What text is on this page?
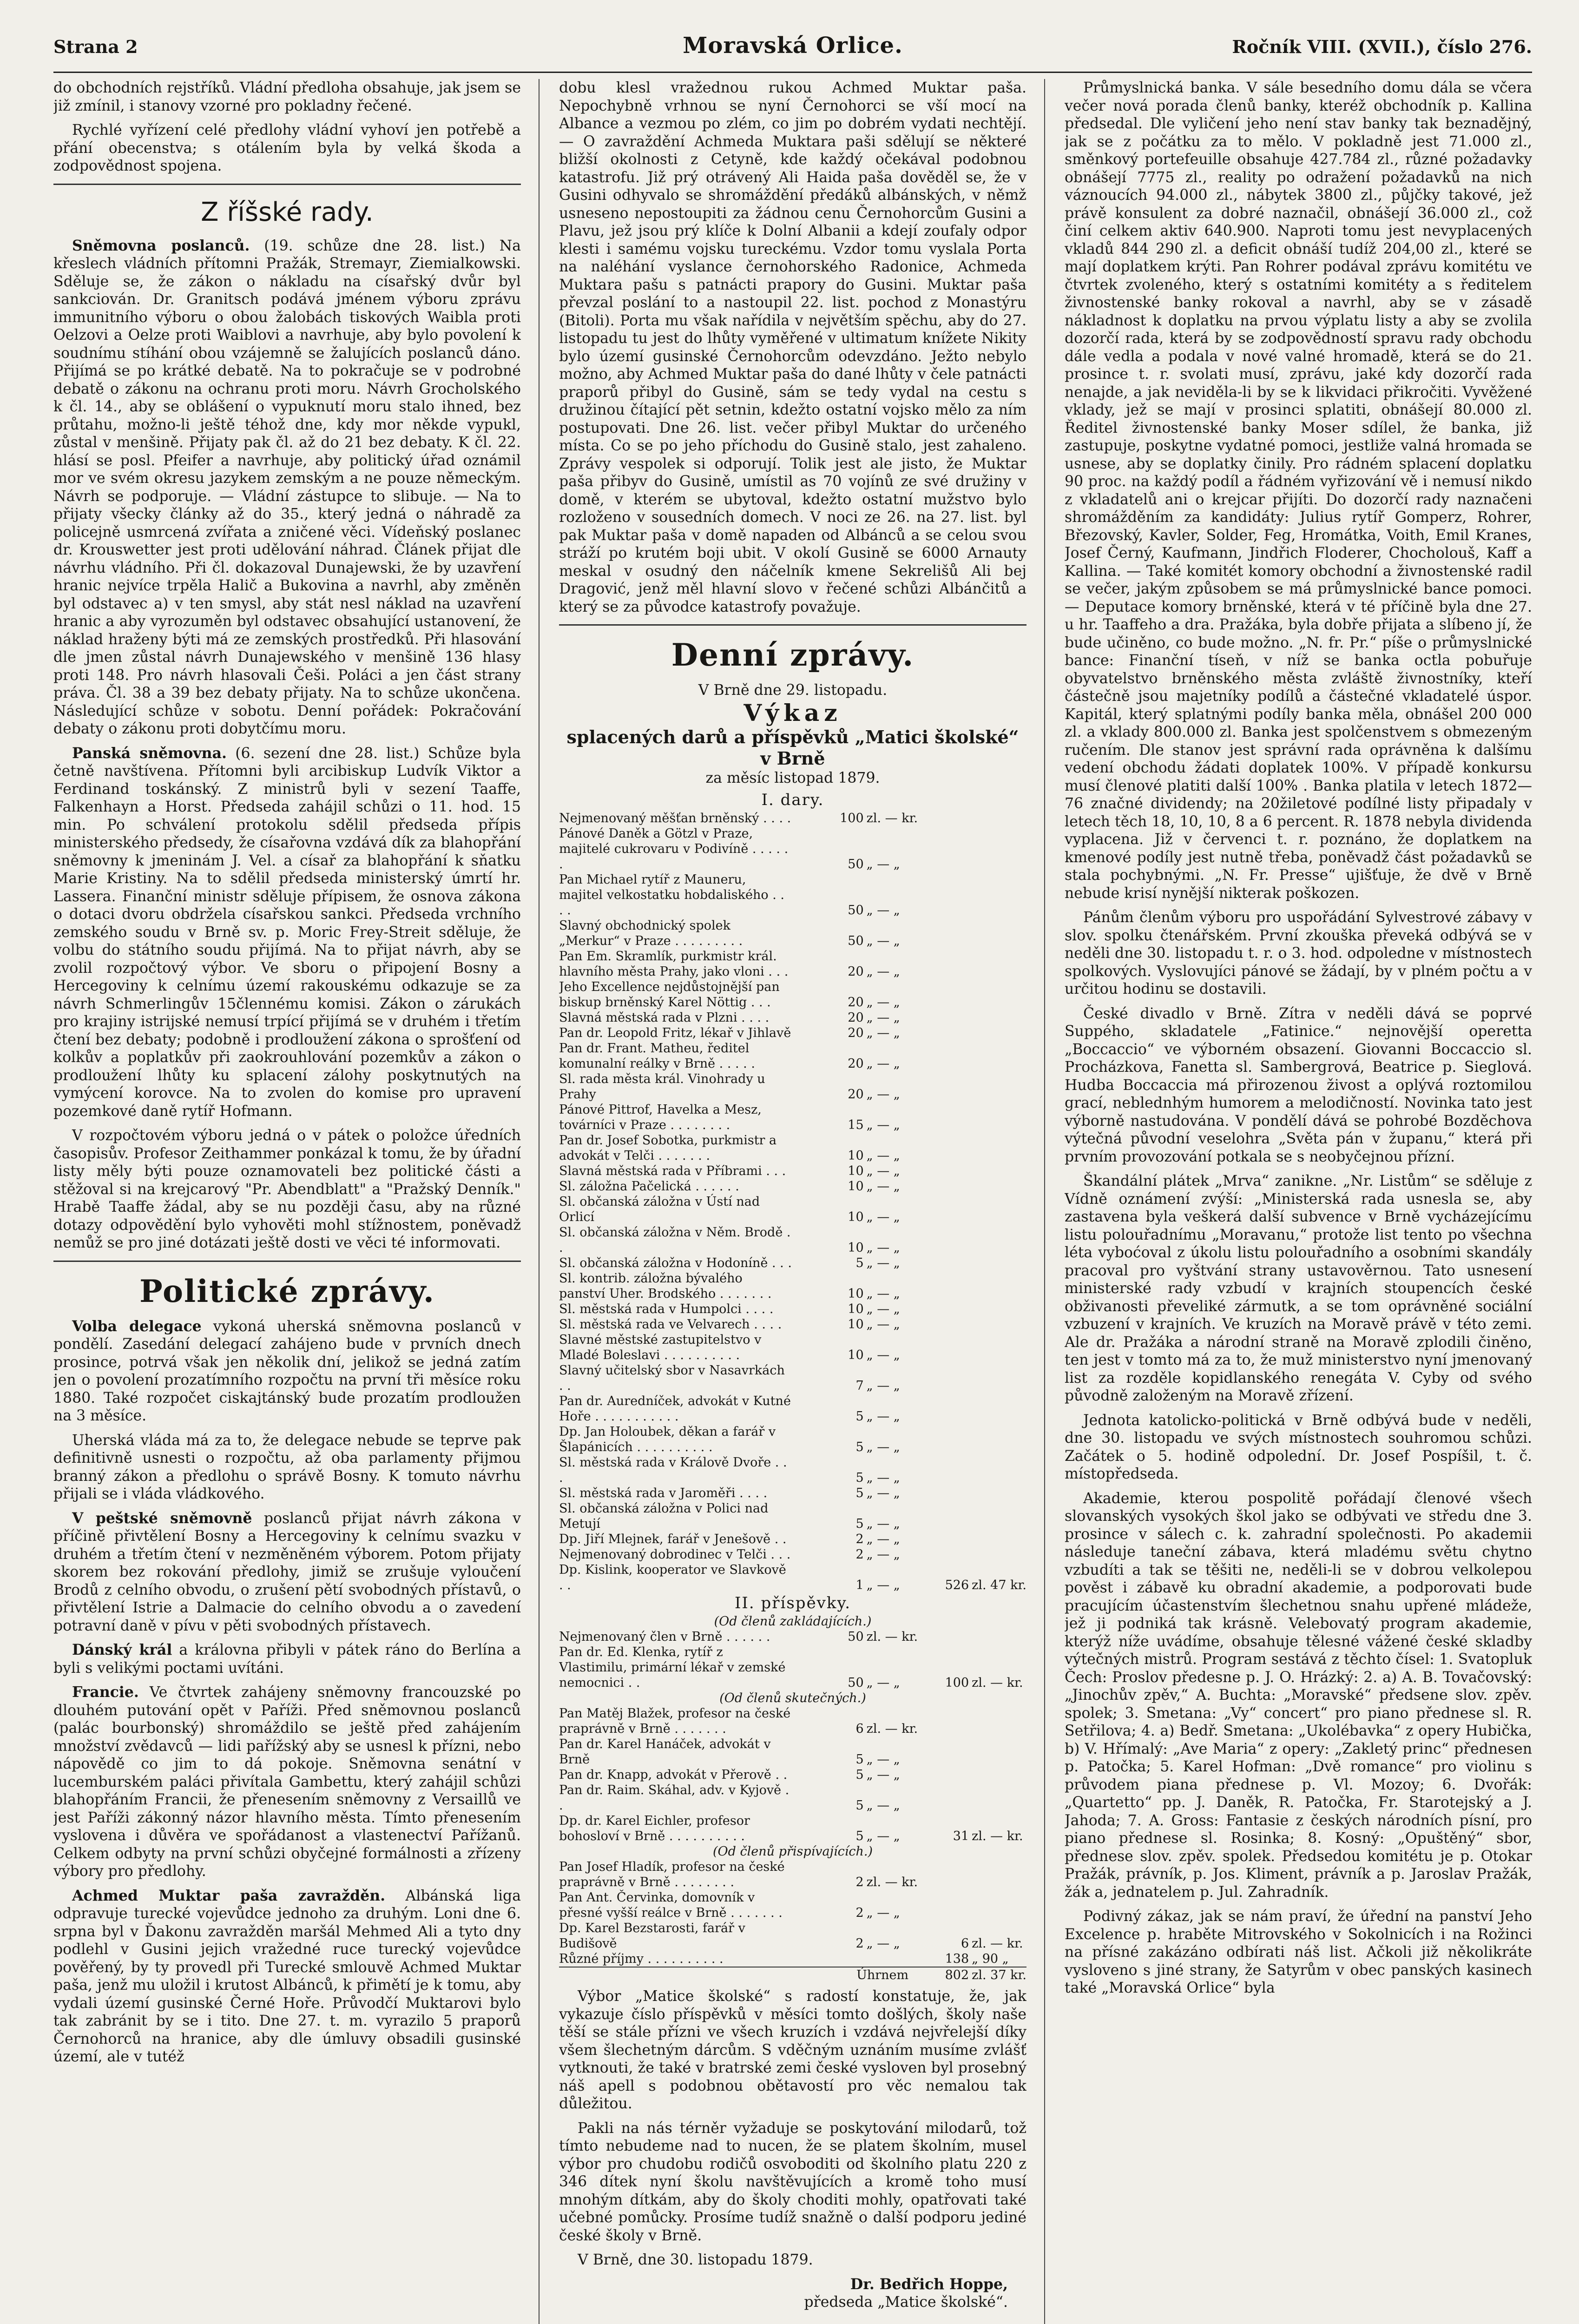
Strana 2	Moravská Orlice.	Ročník VIII. (XVII.), číslo 276.

do obchodních rejstříků. Vládní předloha obsahuje, jak jsem se již zmínil, i stanovy vzorné pro pokladny řečené.

Rychlé vyřízení celé předlohy vládní vyhoví jen potřebě a přání obecenstva; s otálením byla by velká škoda a zodpovědnost spojena.

Z říšské rady.

Sněmovna poslanců. (19. schůze dne 28. list.) Na křeslech vládních přítomni Pražák, Stremayr, Ziemialkowski. Sděluje se, že zákon o nákladu na císařský dvůr byl sankciován. Dr. Granitsch podává jménem výboru zprávu immunitního výboru o obou žalobách tiskových Waibla proti Oelzovi a Oelze proti Waiblovi a navrhuje, aby bylo povolení k soudnímu stíhání obou vzájemně se žalujících poslanců dáno. Přijímá se po krátké debatě. Na to pokračuje se v podrobné debatě o zákonu na ochranu proti moru. Návrh Grocholského k čl. 14., aby se oblášení o vypuknutí moru stalo ihned, bez průtahu, možno-li ještě téhož dne, kdy mor někde vypukl, zůstal v menšině. Přijaty pak čl. až do 21 bez debaty. K čl. 22. hlásí se posl. Pfeifer a navrhuje, aby politický úřad oznámil mor ve svém okresu jazykem zemským a ne pouze německým. Návrh se podporuje. — Vládní zástupce to slibuje. — Na to přijaty všecky články až do 35., který jedná o náhradě za policejně usmrcená zvířata a zničené věci. Vídeňský poslanec dr. Krouswetter jest proti udělování náhrad. Článek přijat dle návrhu vládního. Při čl. dokazoval Dunajewski, že by uzavření hranic nejvíce trpěla Halič a Bukovina a navrhl, aby změněn byl odstavec a) v ten smysl, aby stát nesl náklad na uzavření hranic a aby vyrozuměn byl odstavec obsahující ustanovení, že náklad hraženy býti má ze zemských prostředků. Při hlasování dle jmen zůstal návrh Dunajewského v menšině 136 hlasy proti 148. Pro návrh hlasovali Češi. Poláci a jen část strany práva. Čl. 38 a 39 bez debaty přijaty. Na to schůze ukončena. Následující schůze v sobotu. Denní pořádek: Pokračování debaty o zákonu proti dobytčímu moru.

Panská sněmovna. (6. sezení dne 28. list.) Schůze byla četně navštívena. Přítomni byli arcibiskup Ludvík Viktor a Ferdinand toskánský. Z ministrů byli v sezení Taaffe, Falkenhayn a Horst. Předseda zahájil schůzi o 11. hod. 15 min. Po schválení protokolu sdělil předseda přípis ministerského předsedy, že císařovna vzdává dík za blahopřání sněmovny k jmeninám J. Vel. a císař za blahopřání k sňatku Marie Kristiny. Na to sdělil předseda ministerský úmrtí hr. Lassera. Finanční ministr sděluje přípisem, že osnova zákona o dotaci dvoru obdržela císařskou sankci. Předseda vrchního zemského soudu v Brně sv. p. Moric Frey-Streit sděluje, že volbu do státního soudu přijímá. Na to přijat návrh, aby se zvolil rozpočtový výbor. Ve sboru o připojení Bosny a Hercegoviny k celnímu území rakouskému odkazuje se za návrh Schmerlingův 15člennému komisi. Zákon o zárukách pro krajiny istrijské nemusí trpící přijímá se v druhém i třetím čtení bez debaty; podobně i prodloužení zákona o sprošťení od kolkův a poplatkův při zaokrouhlování pozemkův a zákon o prodloužení lhůty ku splacení zálohy poskytnutých na vymýcení korovce. Na to zvolen do komise pro upravení pozemkové daně rytíř Hofmann.

V rozpočtovém výboru jedná o v pátek o položce úředních časopisův. Profesor Zeithammer ponkázal k tomu, že by úřadní listy měly býti pouze oznamovateli bez politické části a stěžoval si na krejcarový "Pr. Abendblatt" a "Pražský Denník." Hrabě Taaffe žádal, aby se nu později času, aby na různé dotazy odpovědění bylo vyhověti mohl stížnostem, poněvadž nemůž se pro jiné dotázati ještě dosti ve věci té informovati.

Politické zprávy.

Volba delegace vykoná uherská sněmovna poslanců v pondělí. Zasedání delegací zahájeno bude v prvních dnech prosince, potrvá však jen několik dní, jelikož se jedná zatím jen o povolení prozatímního rozpočtu na první tři měsíce roku 1880. Také rozpočet ciskajtánský bude prozatím prodloužen na 3 měsíce.

Uherská vláda má za to, že delegace nebude se teprve pak definitivně usnesti o rozpočtu, až oba parlamenty přijmou branný zákon a předlohu o správě Bosny. K tomuto návrhu přijali se i vláda vládkového.

V peštské sněmovně poslanců přijat návrh zákona v příčině přivtělení Bosny a Hercegoviny k celnímu svazku v druhém a třetím čtení v nezměněném výborem. Potom přijaty skorem bez rokování předlohy, jimiž se zrušuje vyloučení Brodů z celního obvodu, o zrušení pětí svobodných přístavů, o přivtělení Istrie a Dalmacie do celního obvodu a o zavedení potravní daně v pívu v pěti svobodných přístavech.

Dánský král a královna přibyli v pátek ráno do Berlína a byli s velikými poctami uvítáni.

Francie. Ve čtvrtek zahájeny sněmovny francouzské po dlouhém putování opět v Paříži. Před sněmovnou poslanců (palác bourbonský) shromáždilo se ještě před zahájením množství zvědavců — lidi pařížský aby se usnesl k přízni, nebo nápovědě co jim to dá pokoje. Sněmovna senátní v lucemburském paláci přivítala Gambettu, který zahájil schůzi blahopřáním Francii, že přenesením sněmovny z Versaillů ve jest Paříži zákonný názor hlavního města. Tímto přenesením vyslovena i důvěra ve spořádanost a vlastenectví Pařížanů. Celkem odbyty na první schůzi obyčejné formálnosti a zřízeny výbory pro předlohy.

Achmed Muktar paša zavražděn. Albánská liga odpravuje turecké vojevůdce jednoho za druhým. Loni dne 6. srpna byl v Ďakonu zavražděn maršál Mehmed Ali a tyto dny podlehl v Gusini jejich vražedné ruce turecký vojevůdce pověřený, by ty provedl při Turecké smlouvě Achmed Muktar paša, jenž mu uložil i krutost Albánců, k přimětí je k tomu, aby vydali území gusinské Černé Hoře. Průvodčí Muktarovi bylo tak zabránit by se i tito. Dne 27. t. m. vyrazilo 5 praporů Černohorců na hranice, aby dle úmluvy obsadili gusinské území, ale v tutéž

dobu klesl vražednou rukou Achmed Muktar paša. Nepochybně vrhnou se nyní Černohorci se vší mocí na Albance a vezmou po zlém, co jim po dobrém vydati nechtějí. — O zavraždění Achmeda Muktara paši sdělují se některé bližší okolnosti z Cetyně, kde každý očekával podobnou katastrofu. Již prý otrávený Ali Haida paša dověděl se, že v Gusini odhyvalo se shromáždění předáků albánských, v němž usneseno nepostoupiti za žádnou cenu Černohorcům Gusini a Plavu, jež jsou prý klíče k Dolní Albanii a kdejí zoufaly odpor klesti i samému vojsku tureckému. Vzdor tomu vyslala Porta na naléhání vyslance černohorského Radonice, Achmeda Muktara pašu s patnácti prapory do Gusini. Muktar paša převzal poslání to a nastoupil 22. list. pochod z Monastýru (Bitoli). Porta mu však nařídila v největším spěchu, aby do 27. listopadu tu jest do lhůty vyměřené v ultimatum knížete Nikity bylo území gusinské Černohorcům odevzdáno. Ježto nebylo možno, aby Achmed Muktar paša do dané lhůty v čele patnácti praporů přibyl do Gusině, sám se tedy vydal na cestu s družinou čítající pět setnin, kdežto ostatní vojsko mělo za ním postupovati. Dne 26. list. večer přibyl Muktar do určeného místa. Co se po jeho příchodu do Gusině stalo, jest zahaleno. Zprávy vespolek si odporují. Tolik jest ale jisto, že Muktar paša přibyv do Gusině, umístil as 70 vojínů ze své družiny v domě, v kterém se ubytoval, kdežto ostatní mužstvo bylo rozloženo v sousedních domech. V noci ze 26. na 27. list. byl pak Muktar paša v domě napaden od Albánců a se celou svou stráží po krutém boji ubit. V okolí Gusině se 6000 Arnauty meskal v osudný den náčelník kmene Sekrelišů Ali bej Dragović, jenž měl hlavní slovo v řečené schůzi Albánčitů a který se za původce katastrofy považuje.

Denní zprávy.

V Brně dne 29. listopadu.

Výkaz

splacených darů a příspěvků „Matici školské“ v Brně

za měsíc listopad 1879.

I. dary.				
Nejmenovaný měšťan brněnský . . . .	100	zl. — kr.		
Pánové Daněk a Götzl v Praze, majitelé cukrovaru v Podivíně . . . . . .	50	„ — „		
Pan Michael rytíř z Mauneru, majitel velkostatku hobdaliského . . . .	50	„ — „		
Slavný obchodnický spolek „Merkur“ v Praze . . . . . . . . .	50	„ — „		
Pan Em. Skramlík, purkmistr král. hlavního města Prahy, jako vloni . . .	20	„ — „		
Jeho Excellence nejdůstojnější pan biskup brněnský Karel Nöttig . . .	20	„ — „		
Slavná městská rada v Plzni . . . .	20	„ — „		
Pan dr. Leopold Fritz, lékař v Jihlavě	20	„ — „		
Pan dr. Frant. Matheu, ředitel komunalní reálky v Brně . . . . .	20	„ — „		
Sl. rada města král. Vinohrady u Prahy	20	„ — „		
Pánové Pittrof, Havelka a Mesz, továrníci v Praze . . . . . . . .	15	„ — „		
Pan dr. Josef Sobotka, purkmistr a advokát v Telči . . . . . . .	10	„ — „		
Slavná městská rada v Příbrami . . .	10	„ — „		
Sl. záložna Pačelická . . . . . .	10	„ — „		
Sl. občanská záložna v Ústí nad Orlicí	10	„ — „		
Sl. občanská záložna v Něm. Brodě . .	10	„ — „		
Sl. občanská záložna v Hodoníně . . .	5	„ — „		
Sl. kontrib. záložna bývalého panství Uher. Brodského . . . . . . .	10	„ — „		
Sl. městská rada v Humpolci . . . .	10	„ — „		
Sl. městská rada ve Velvarech . . . .	10	„ — „		
Slavné městské zastupitelstvo v Mladé Boleslavi . . . . . . . . . .	10	„ — „		
Slavný učitelský sbor v Nasavrkách . .	7	„ — „		
Pan dr. Auredníček, advokát v Kutné Hoře . . . . . . . . . . .	5	„ — „		
Dp. Jan Holoubek, děkan a farář v Šlapánicích . . . . . . . . . .	5	„ — „		
Sl. městská rada v Králově Dvoře . . .	5	„ — „		
Sl. městská rada v Jaroměři . . . .	5	„ — „		
Sl. občanská záložna v Polici nad Metují	5	„ — „		
Dp. Jiří Mlejnek, farář v Jenešově . .	2	„ — „		
Nejmenovaný dobrodinec v Telči . . .	2	„ — „		
Dp. Kislink, kooperator ve Slavkově . .	1	„ — „	526	zl. 47 kr.
II. příspěvky.				
(Od členů zakládajících.)				
Nejmenovaný člen v Brně . . . . . .	50	zl. — kr.		
Pan dr. Ed. Klenka, rytíř z Vlastimilu, primární lékař v zemské nemocnici . .	50	„ — „	100	zl. — kr.
(Od členů skutečných.)				
Pan Matěj Blažek, profesor na české praprávně v Brně . . . . . . .	6	zl. — kr.		
Pan dr. Karel Hanáček, advokát v Brně	5	„ — „		
Pan dr. Knapp, advokát v Přerově . .	5	„ — „		
Pan dr. Raim. Skáhal, adv. v Kyjově . .	5	„ — „		
Dp. dr. Karel Eichler, profesor bohosloví v Brně . . . . . . . . . .	5	„ — „	31	zl. — kr.
(Od členů přispívajících.)				
Pan Josef Hladík, profesor na české praprávně v Brně . . . . . . . .	2	zl. — kr.		
Pan Ant. Červinka, domovník v přesné vyšší reálce v Brně . . . . . . .	2	„ — „		
Dp. Karel Bezstarosti, farář v Budišově	2	„ — „	6	zl. — kr.
Různé příjmy . . . . . . . . . .			138	„ 90 „
Úhrnem			802	zl. 37 kr.

Výbor „Matice školské“ s radostí konstatuje, že, jak vykazuje číslo příspěvků v měsíci tomto došlých, školy naše těší se stále přízni ve všech kruzích i vzdává nejvřelejší díky všem šlechetným dárcům. S vděčným uznáním musíme zvlášť vytknouti, že také v bratrské zemi české vysloven byl prosebný náš apell s podobnou obětavostí pro věc nemalou tak důležitou.

Pakli na nás térněr vyžaduje se poskytování milodarů, tož tímto nebudeme nad to nucen, že se platem školním, musel výbor pro chudobu rodičů osvoboditi od školního platu 220 z 346 dítek nyní školu navštěvujících a kromě toho musí mnohým dítkám, aby do školy choditi mohly, opatřovati také učebné pomůcky. Prosíme tudíž snažně o další podporu jediné české školy v Brně.

V Brně, dne 30. listopadu 1879.

Dr. Bedřich Hoppe,

předseda „Matice školské“.

Průmyslnická banka. V sále besedního domu dála se včera večer nová porada členů banky, kteréž obchodník p. Kallina předsedal. Dle vyličení jeho není stav banky tak beznadějný, jak se z počátku za to mělo. V pokladně jest 71.000 zl., směnkový portefeuille obsahuje 427.784 zl., různé požadavky obnášejí 7775 zl., reality po odražení požadavků na nich váznoucích 94.000 zl., nábytek 3800 zl., půjčky takové, jež právě konsulent za dobré naznačil, obnášejí 36.000 zl., což činí celkem aktiv 640.900. Naproti tomu jest nevyplacených vkladů 844 290 zl. a deficit obnáší tudíž 204,00 zl., které se mají doplatkem krýti. Pan Rohrer podával zprávu komitétu ve čtvrtek zvoleného, který s ostatními komitéty a s ředitelem živnostenské banky rokoval a navrhl, aby se v zásadě nákladnost k doplatku na prvou výplatu listy a aby se zvolila dozorčí rada, která by se zodpovědností spravu rady obchodu dále vedla a podala v nové valné hromadě, která se do 21. prosince t. r. svolati musí, zprávu, jaké kdy dozorčí rada nenajde, a jak neviděla-li by se k likvidaci přikročiti. Vyvěžené vklady, jež se mají v prosinci splatiti, obnášejí 80.000 zl. Ředitel živnostenské banky Moser sdílel, že banka, již zastupuje, poskytne vydatné pomoci, jestliže valná hromada se usnese, aby se doplatky činily. Pro rádném splacení doplatku 90 proc. na každý podíl a řádném vyřizování vě i nemusí nikdo z vkladatelů ani o krejcar přijíti. Do dozorčí rady naznačeni shromážděním za kandidáty: Julius rytíř Gomperz, Rohrer, Březovský, Kavler, Solder, Feg, Hromátka, Voith, Emil Kranes, Josef Černý, Kaufmann, Jindřich Floderer, Chocholouš, Kaff a Kallina. — Také komitét komory obchodní a živnostenské radil se večer, jakým způsobem se má průmyslnické bance pomoci. — Deputace komory brněnské, která v té příčině byla dne 27. u hr. Taaffeho a dra. Pražáka, byla dobře přijata a slíbeno jí, že bude učiněno, co bude možno. „N. fr. Pr.“ píše o průmyslnické bance: Finanční tíseň, v níž se banka octla pobuřuje obyvatelstvo brněnského města zvláště živnostníky, kteří částečně jsou majetníky podílů a částečné vkladatelé úspor. Kapitál, který splatnými podíly banka měla, obnášel 200 000 zl. a vklady 800.000 zl. Banka jest spolčenstvem s obmezeným ručením. Dle stanov jest správní rada oprávněna k dalšímu vedení obchodu žádati doplatek 100%. V případě konkursu musí členové platiti další 100% . Banka platila v letech 1872—76 značné dividendy; na 20žiletové podílné listy připadaly v letech těch 18, 10, 10, 8 a 6 percent. R. 1878 nebyla dividenda vyplacena. Již v červenci t. r. poznáno, že doplatkem na kmenové podíly jest nutně třeba, poněvadž část požadavků se stala pochybnými. „N. Fr. Presse“ ujišťuje, že dvě v Brně nebude krisí nynější nikterak poškozen.

Pánům členům výboru pro uspořádání Sylvestrové zábavy v slov. spolku čtenářském. První zkouška převeká odbývá se v neděli dne 30. listopadu t. r. o 3. hod. odpoledne v místnostech spolkových. Vyslovujíci pánové se žádají, by v plném počtu a v určitou hodinu se dostavili.

České divadlo v Brně. Zítra v neděli dává se poprvé Suppého, skladatele „Fatinice.“ nejnovější operetta „Boccaccio“ ve výborném obsazení. Giovanni Boccaccio sl. Procházkova, Fanetta sl. Sambergrová, Beatrice p. Sieglová. Hudba Boccaccia má přirozenou živost a oplývá roztomilou grací, neblednhým humorem a melodičností. Novinka tato jest výborně nastudována. V pondělí dává se pohrobé Bozděchova výtečná původní veselohra „Světa pán v županu,“ která při prvním provozování potkala se s neobyčejnou přízní.

Škandální plátek „Mrva“ zanikne. „Nr. Listům“ se sděluje z Vídně oznámení zvýší: „Ministerská rada usnesla se, aby zastavena byla veškerá další subvence v Brně vycházejícímu listu polouřadnímu „Moravanu,“ protože list tento po všechna léta vyboćoval z úkolu listu polouřadního a osobními skandály pracoval pro vyštvání strany ustavověrnou. Tato usnesení ministerské rady vzbudí v krajních stoupencích české obživanosti převeliké zármutk, a se tom oprávněné sociální vzbuzení v krajních. Ve kruzích na Moravě právě v této zemi. Ale dr. Pražáka a národní straně na Moravě zplodili činěno, ten jest v tomto má za to, že muž ministerstvo nyní jmenovaný list za rozděle kopidlanského renegáta V. Cyby od svého původně založeným na Moravě zřízení.

Jednota katolicko-politická v Brně odbývá bude v neděli, dne 30. listopadu ve svých místnostech souhromou schůzi. Začátek o 5. hodině odpolední. Dr. Josef Pospíšil, t. č. místopředseda.

Akademie, kterou pospolitě pořádají členové všech slovanských vysokých škol jako se odbývati ve středu dne 3. prosince v sálech c. k. zahradní společnosti. Po akademii následuje taneční zábava, která mladému světu chytno vzbudíti a tak se těšiti ne, neděli-li se v dobrou velkolepou pověst i zábavě ku obradní akademie, a podporovati bude pracujícím účastenstvím šlechetnou snahu upřené mládeže, jež ji podniká tak krásně. Velebovatý program akademie, kterýž níže uvádíme, obsahuje tělesné vážené české skladby výtečných mistrů. Program sestává z těchto čísel: 1. Svatopluk Čech: Proslov předesne p. J. O. Hrázký: 2. a) A. B. Tovačovský: „Jinochův zpěv,“ A. Buchta: „Moravské“ předsene slov. zpěv. spolek; 3. Smetana: „Vy“ concert“ pro piano přednese sl. R. Setřilova; 4. a) Bedř. Smetana: „Ukolébavka“ z opery Hubička, b) V. Hřímalý: „Ave Maria“ z opery: „Zakletý princ“ přednesen p. Patočka; 5. Karel Hofman: „Dvě romance“ pro violinu s průvodem piana přednese p. Vl. Mozoy; 6. Dvořák: „Quartetto“ pp. J. Daněk, R. Patočka, Fr. Starotejský a J. Jahoda; 7. A. Gross: Fantasie z českých národních písní, pro piano přednese sl. Rosinka; 8. Kosný: „Opuštěný“ sbor, přednese slov. zpěv. spolek. Předsedou komitétu je p. Otokar Pražák, právník, p. Jos. Kliment, právník a p. Jaroslav Pražák, žák a, jednatelem p. Jul. Zahradník.

Podivný zákaz, jak se nám praví, že úřední na panství Jeho Excelence p. hraběte Mitrovského v Sokolnicích i na Rožinci na přísné zakázáno odbírati náš list. Ačkoli již několikráte vysloveno s jiné strany, že Satyrům v obec panských kasinech také „Moravská Orlice“ byla
